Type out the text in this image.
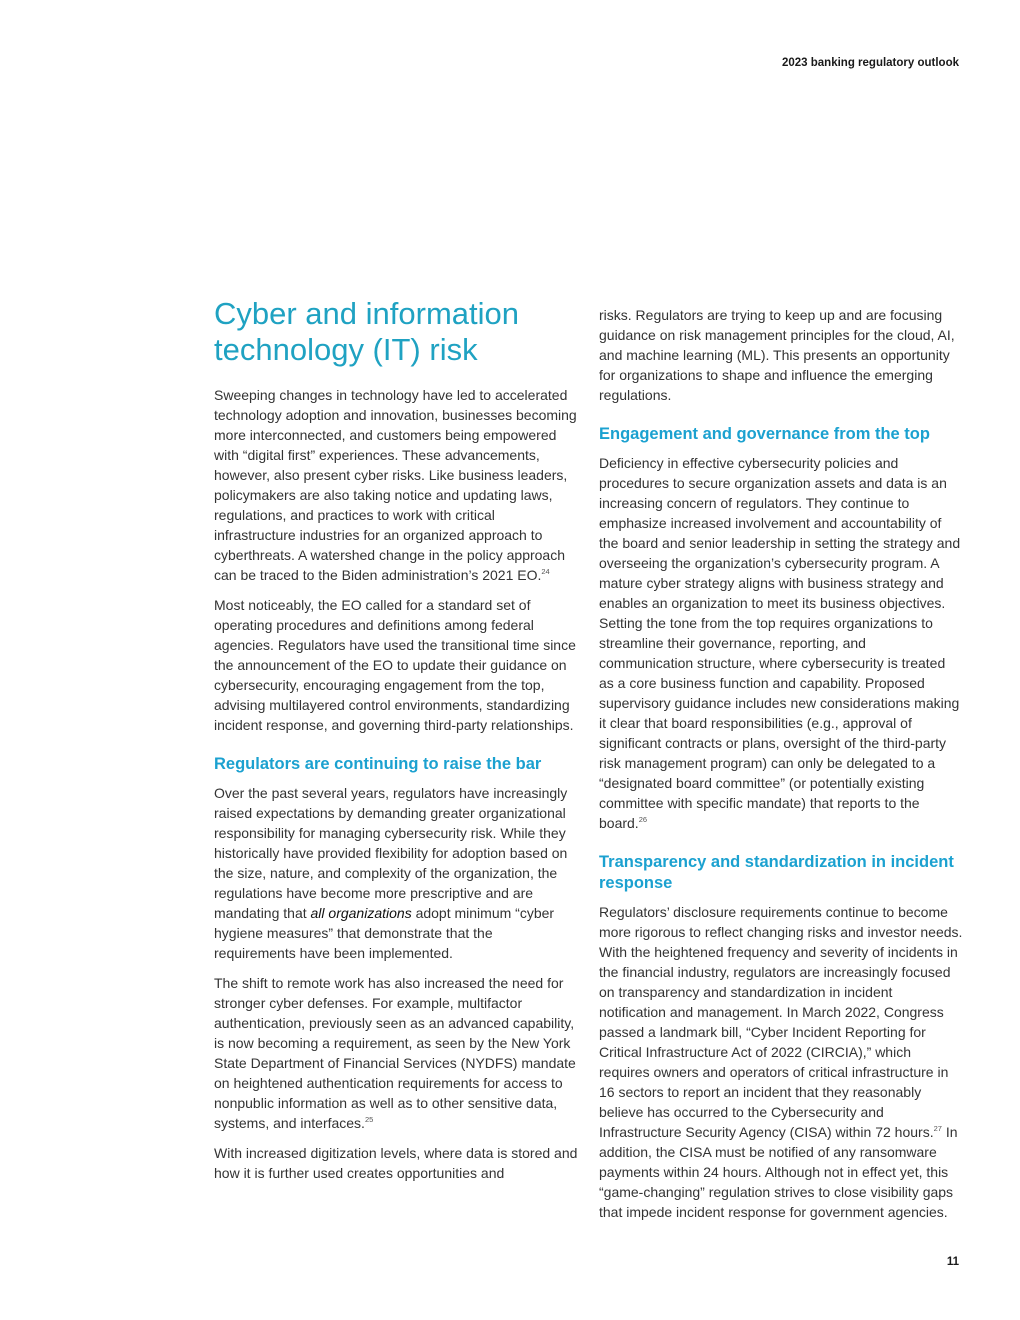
2023 banking regulatory outlook
Cyber and information
technology (IT) risk

Sweeping changes in technology have led to accelerated technology adoption and innovation, businesses becoming more interconnected, and customers being empowered with “digital first” experiences. These advancements, however, also present cyber risks. Like business leaders, policymakers are also taking notice and updating laws, regulations, and practices to work with critical infrastructure industries for an organized approach to cyberthreats. A watershed change in the policy approach can be traced to the Biden administration’s 2021 EO.$^{24}$

Most noticeably, the EO called for a standard set of operating procedures and definitions among federal agencies. Regulators have used the transitional time since the announcement of the EO to update their guidance on cybersecurity, encouraging engagement from the top, advising multilayered control environments, standardizing incident response, and governing third-party relationships.

Regulators are continuing to raise the bar

Over the past several years, regulators have increasingly raised expectations by demanding greater organizational responsibility for managing cybersecurity risk. While they historically have provided flexibility for adoption based on the size, nature, and complexity of the organization, the regulations have become more prescriptive and are mandating that all organizations adopt minimum “cyber hygiene measures” that demonstrate that the requirements have been implemented.

The shift to remote work has also increased the need for stronger cyber defenses. For example, multifactor authentication, previously seen as an advanced capability, is now becoming a requirement, as seen by the New York State Department of Financial Services (NYDFS) mandate on heightened authentication requirements for access to nonpublic information as well as to other sensitive data, systems, and interfaces.$^{25}$

With increased digitization levels, where data is stored and how it is further used creates opportunities and

risks. Regulators are trying to keep up and are focusing guidance on risk management principles for the cloud, AI, and machine learning (ML). This presents an opportunity for organizations to shape and influence the emerging regulations.

Engagement and governance from the top

Deficiency in effective cybersecurity policies and procedures to secure organization assets and data is an increasing concern of regulators. They continue to emphasize increased involvement and accountability of the board and senior leadership in setting the strategy and overseeing the organization’s cybersecurity program. A mature cyber strategy aligns with business strategy and enables an organization to meet its business objectives. Setting the tone from the top requires organizations to streamline their governance, reporting, and communication structure, where cybersecurity is treated as a core business function and capability. Proposed supervisory guidance includes new considerations making it clear that board responsibilities (e.g., approval of significant contracts or plans, oversight of the third-party risk management program) can only be delegated to a “designated board committee” (or potentially existing committee with specific mandate) that reports to the board.$^{26}$

Transparency and standardization in incident response

Regulators’ disclosure requirements continue to become more rigorous to reflect changing risks and investor needs. With the heightened frequency and severity of incidents in the financial industry, regulators are increasingly focused on transparency and standardization in incident notification and management. In March 2022, Congress passed a landmark bill, “Cyber Incident Reporting for Critical Infrastructure Act of 2022 (CIRCIA),” which requires owners and operators of critical infrastructure in 16 sectors to report an incident that they reasonably believe has occurred to the Cybersecurity and Infrastructure Security Agency (CISA) within 72 hours.$^{27}$ In addition, the CISA must be notified of any ransomware payments within 24 hours. Although not in effect yet, this “game-changing” regulation strives to close visibility gaps that impede incident response for government agencies.

11
